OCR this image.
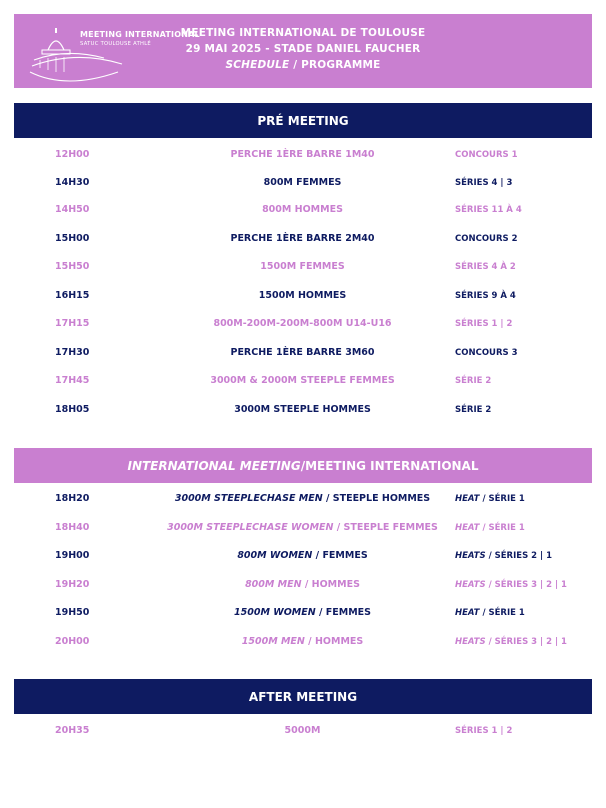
MEETING INTERNATIONAL
SATUC TOULOUSE ATHLÉ
MEETING INTERNATIONAL DE TOULOUSE
29 MAI 2025 - STADE DANIEL FAUCHER
SCHEDULE / PROGRAMME
PRÉ MEETING
12H00	PERCHE 1ÈRE BARRE 1M40	CONCOURS 1
14H30	800M FEMMES	SÉRIES 4 | 3
14H50	800M HOMMES	SÉRIES 11 À 4
15H00	PERCHE 1ÈRE BARRE 2M40	CONCOURS 2
15H50	1500M FEMMES	SÉRIES 4 À 2
16H15	1500M HOMMES	SÉRIES 9 À 4
17H15	800M-200M-200M-800M U14-U16	SÉRIES 1 | 2
17H30	PERCHE 1ÈRE BARRE 3M60	CONCOURS 3
17H45	3000M & 2000M STEEPLE FEMMES	SÉRIE 2
18H05	3000M STEEPLE HOMMES	SÉRIE 2
INTERNATIONAL MEETING / MEETING INTERNATIONAL
18H20	3000M STEEPLECHASE MEN / STEEPLE HOMMES	HEAT / SÉRIE 1
18H40	3000M STEEPLECHASE WOMEN / STEEPLE FEMMES	HEAT / SÉRIE 1
19H00	800M WOMEN / FEMMES	HEATS / SÉRIES 2 | 1
19H20	800M MEN / HOMMES	HEATS / SÉRIES 3 | 2 | 1
19H50	1500M WOMEN / FEMMES	HEAT / SÉRIE 1
20H00	1500M MEN / HOMMES	HEATS / SÉRIES 3 | 2 | 1
AFTER MEETING
20H35	5000M	SÉRIES 1 | 2
